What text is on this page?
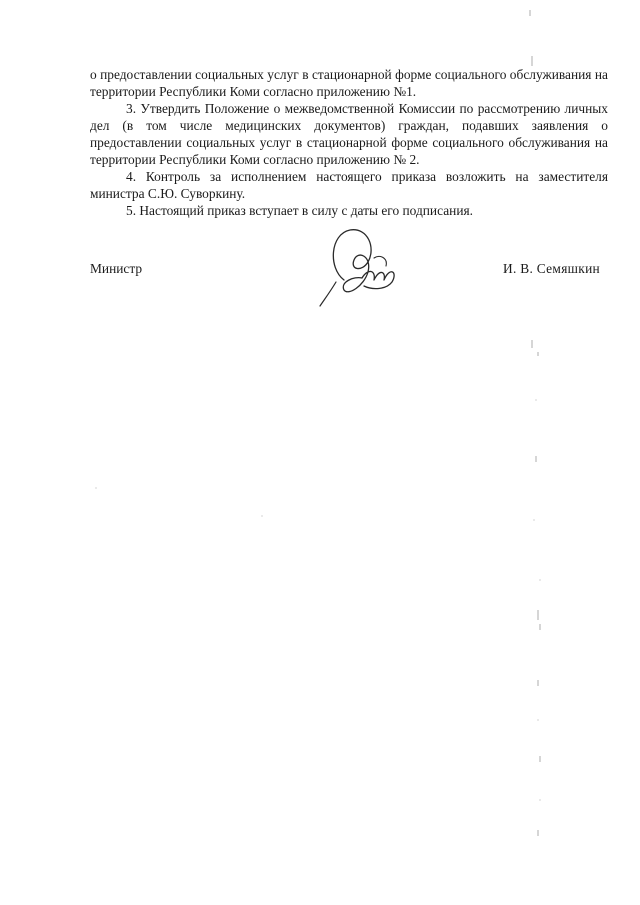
о предоставлении социальных услуг в стационарной форме социального обслуживания на территории Республики Коми согласно приложению №1.

3. Утвердить Положение о межведомственной Комиссии по рассмотрению личных дел (в том числе медицинских документов) граждан, подавших заявления о предоставлении социальных услуг в стационарной форме социального обслуживания на территории Республики Коми согласно приложению № 2.

4. Контроль за исполнением настоящего приказа возложить на заместителя министра С.Ю. Суворкину.

5. Настоящий приказ вступает в силу с даты его подписания.

Министр	И. В. Семяшкин
